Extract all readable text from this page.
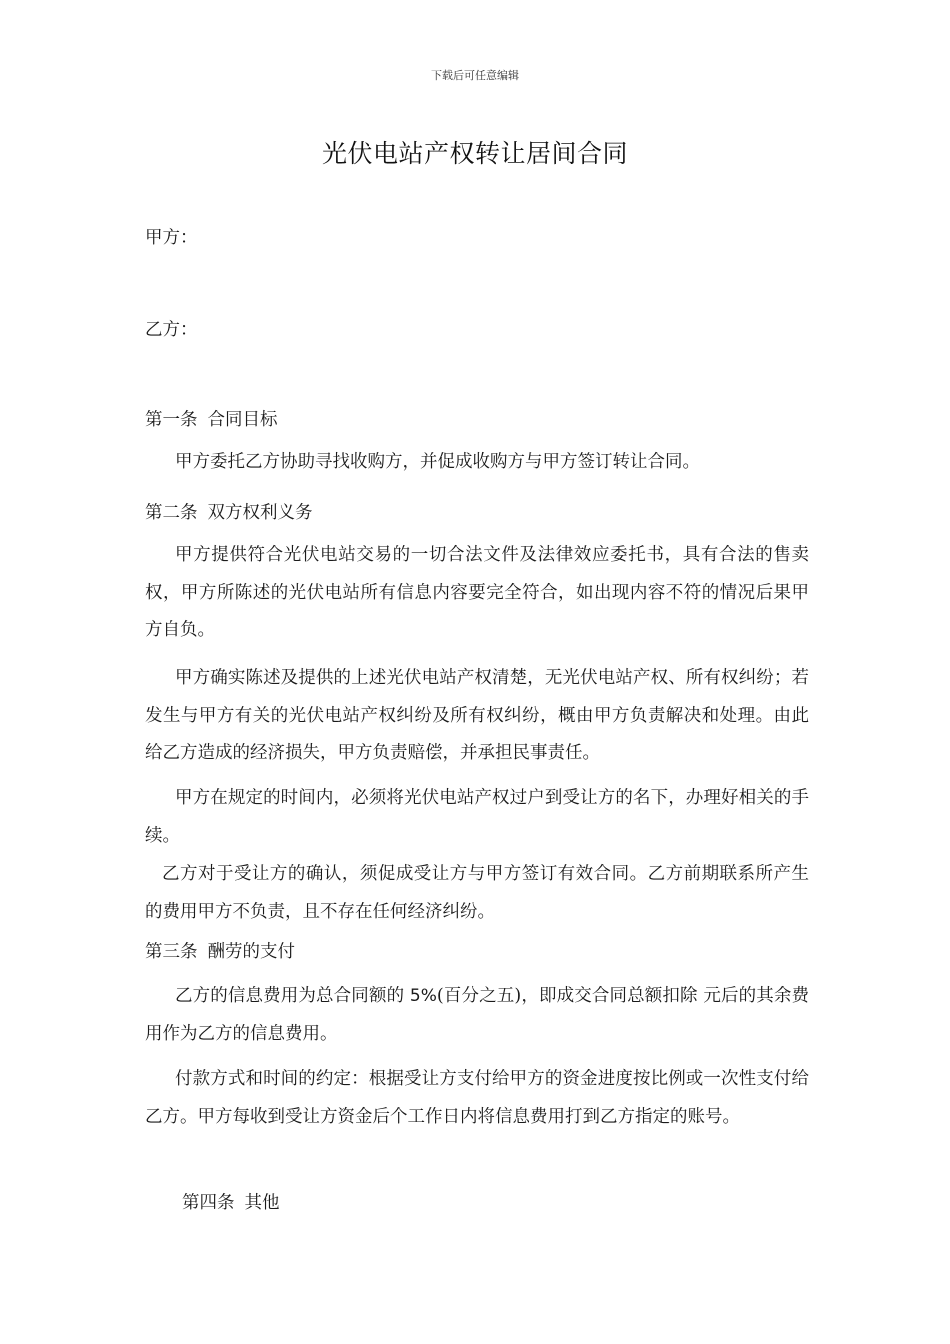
下载后可任意编辑
光伏电站产权转让居间合同
甲方：
乙方：
第一条 合同目标
甲方委托乙方协助寻找收购方，并促成收购方与甲方签订转让合同。
第二条 双方权利义务
甲方提供符合光伏电站交易的一切合法文件及法律效应委托书，具有合法的售卖权，甲方所陈述的光伏电站所有信息内容要完全符合，如出现内容不符的情况后果甲方自负。
甲方确实陈述及提供的上述光伏电站产权清楚，无光伏电站产权、所有权纠纷；若发生与甲方有关的光伏电站产权纠纷及所有权纠纷，概由甲方负责解决和处理。由此给乙方造成的经济损失，甲方负责赔偿，并承担民事责任。
甲方在规定的时间内，必须将光伏电站产权过户到受让方的名下，办理好相关的手续。
乙方对于受让方的确认，须促成受让方与甲方签订有效合同。乙方前期联系所产生的费用甲方不负责，且不存在任何经济纠纷。
第三条 酬劳的支付
乙方的信息费用为总合同额的 5%(百分之五)，即成交合同总额扣除 元后的其余费用作为乙方的信息费用。
付款方式和时间的约定：根据受让方支付给甲方的资金进度按比例或一次性支付给乙方。甲方每收到受让方资金后个工作日内将信息费用打到乙方指定的账号。
第四条 其他
